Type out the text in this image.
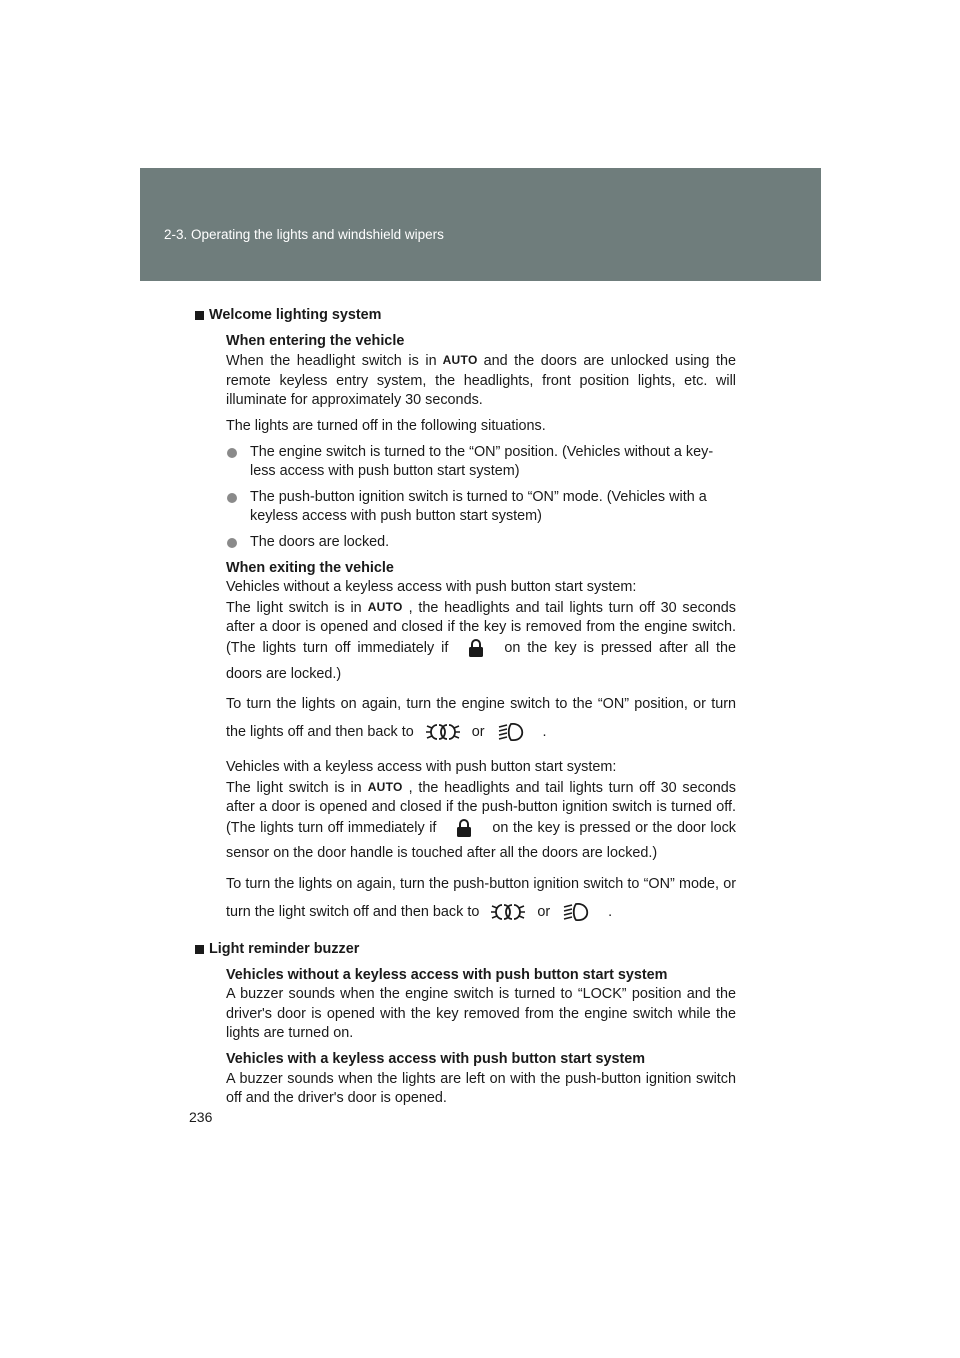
2-3. Operating the lights and windshield wipers
Welcome lighting system

When entering the vehicle

When the headlight switch is in AUTO and the doors are unlocked using the remote keyless entry system, the headlights, front position lights, etc. will illuminate for approximately 30 seconds.

The lights are turned off in the following situations.

The engine switch is turned to the “ON” position. (Vehicles without a key-less access with push button start system)
The push-button ignition switch is turned to “ON” mode. (Vehicles with a keyless access with push button start system)
The doors are locked.

When exiting the vehicle

Vehicles without a keyless access with push button start system:

The light switch is in AUTO , the headlights and tail lights turn off 30 seconds after a door is opened and closed if the key is removed from the engine switch. (The lights turn off immediately if	on the key is pressed after all the doors are locked.)

To turn the lights on again, turn the engine switch to the “ON” position, or turn the lights off and then back to	or	.

Vehicles with a keyless access with push button start system:

The light switch is in AUTO , the headlights and tail lights turn off 30 seconds after a door is opened and closed if the push-button ignition switch is turned off. (The lights turn off immediately if	on the key is pressed or the door lock sensor on the door handle is touched after all the doors are locked.)

To turn the lights on again, turn the push-button ignition switch to “ON” mode, or turn the light switch off and then back to	or	.

Light reminder buzzer

Vehicles without a keyless access with push button start system

A buzzer sounds when the engine switch is turned to “LOCK” position and the driver's door is opened with the key removed from the engine switch while the lights are turned on.

Vehicles with a keyless access with push button start system

A buzzer sounds when the lights are left on with the push-button ignition switch off and the driver's door is opened.

236
